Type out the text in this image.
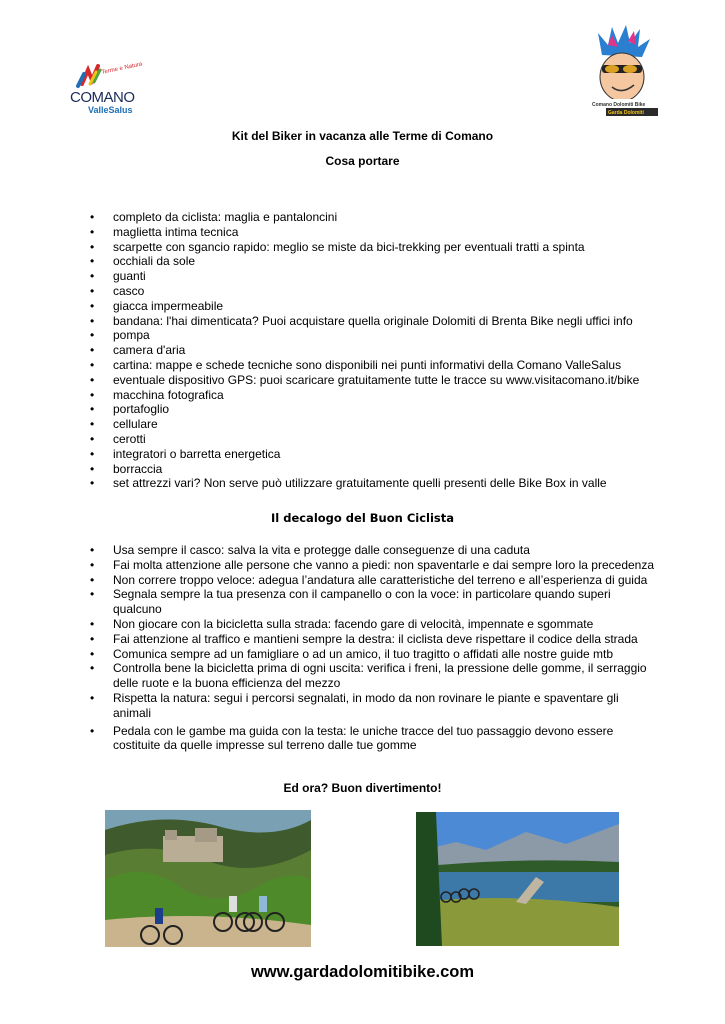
Terme e Natura
COMANO
ValleSalus	Comano Dolomiti Bike
Garda Dolomiti
Kit del Biker in vacanza alle Terme di Comano
Cosa portare
• completo da ciclista: maglia e pantaloncini
• maglietta intima tecnica
• scarpette con sgancio rapido: meglio se miste da bici-trekking per eventuali tratti a spinta
• occhiali da sole
• guanti
• casco
• giacca impermeabile
• bandana: l'hai dimenticata? Puoi acquistare quella originale Dolomiti di Brenta Bike negli uffici info
• pompa
• camera d'aria
• cartina: mappe e schede tecniche sono disponibili nei punti informativi della Comano ValleSalus
• eventuale dispositivo GPS: puoi scaricare gratuitamente tutte le tracce su www.visitacomano.it/bike
• macchina fotografica
• portafoglio
• cellulare
• cerotti
• integratori o barretta energetica
• borraccia
• set attrezzi vari? Non serve può utilizzare gratuitamente quelli presenti delle Bike Box in valle
Il decalogo del Buon Ciclista
• Usa sempre il casco: salva la vita e protegge dalle conseguenze di una caduta
• Fai molta attenzione alle persone che vanno a piedi: non spaventarle e dai sempre loro la precedenza
• Non correre troppo veloce: adegua l’andatura alle caratteristiche del terreno e all’esperienza di guida
• Segnala sempre la tua presenza con il campanello o con la voce: in particolare quando superi qualcuno
• Non giocare con la bicicletta sulla strada: facendo gare di velocità, impennate e sgommate
• Fai attenzione al traffico e mantieni sempre la destra: il ciclista deve rispettare il codice della strada
• Comunica sempre ad un famigliare o ad un amico, il tuo tragitto o affidati alle nostre guide mtb
• Controlla bene la bicicletta prima di ogni uscita: verifica i freni, la pressione delle gomme, il serraggio delle ruote e la buona efficienza del mezzo
• Rispetta la natura: segui i percorsi segnalati, in modo da non rovinare le piante e spaventare gli animali
• Pedala con le gambe ma guida con la testa: le uniche tracce del tuo passaggio devono essere costituite da quelle impresse sul terreno dalle tue gomme
Ed ora? Buon divertimento!
www.gardadolomitibike.com
